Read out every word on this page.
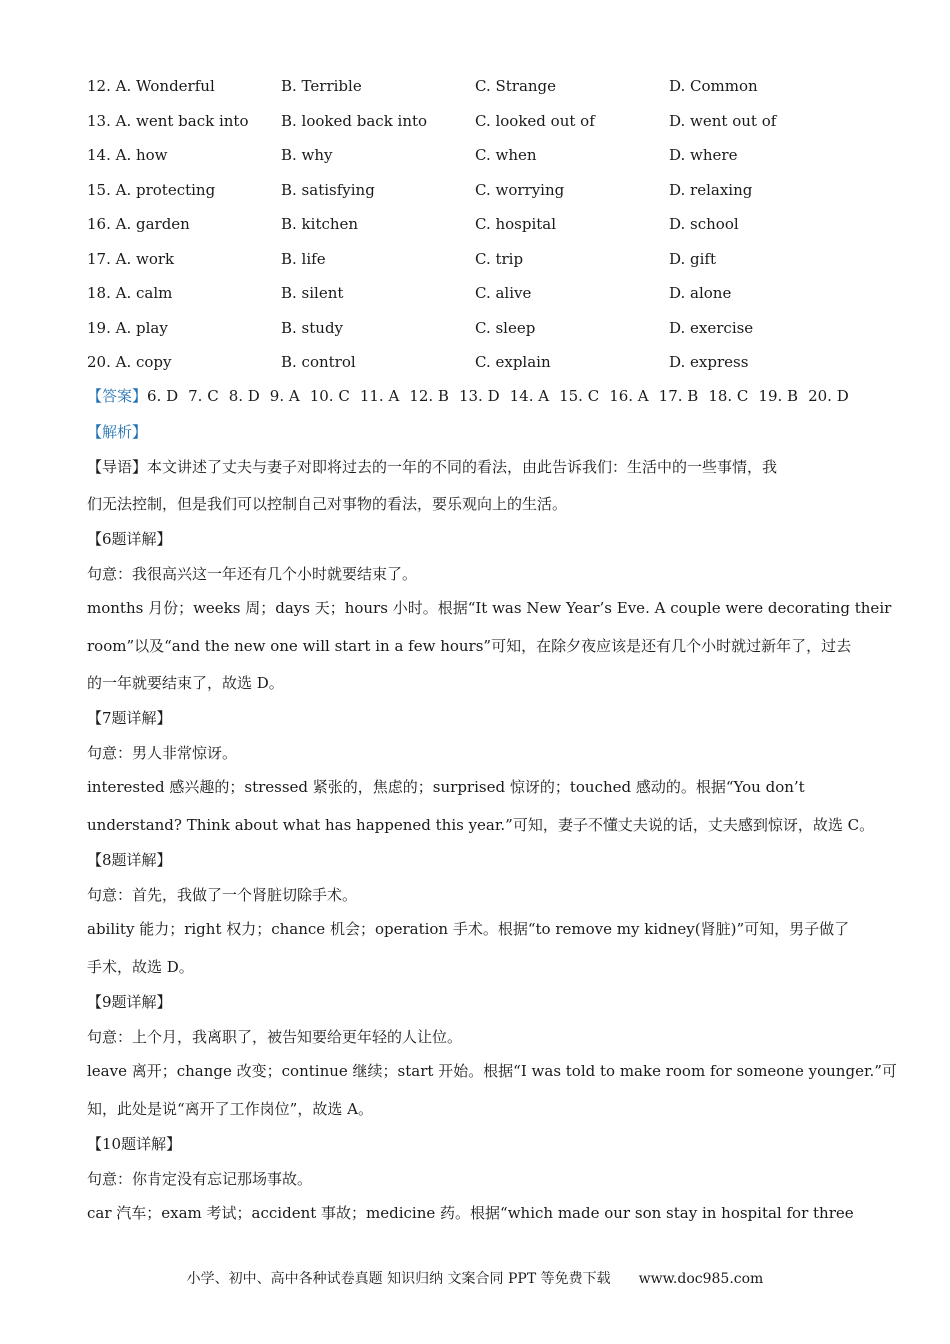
12. A. Wonderful	B. Terrible	C. Strange	D. Common
13. A. went back into B. looked back into	C. looked out of	D. went out of
14. A. how	B. why	C. when	D. where
15. A. protecting	B. satisfying	C. worrying	D. relaxing
16. A. garden	B. kitchen	C. hospital	D. school
17. A. work	B. life	C. trip	D. gift
18. A. calm	B. silent	C. alive	D. alone
19. A. play	B. study	C. sleep	D. exercise
20. A. copy	B. control	C. explain	D. express
【答案】6. D 7. C 8. D 9. A 10. C 11. A 12. B 13. D 14. A 15. C 16. A 17. B 18. C 19. B 20. D
【解析】
【导语】本文讲述了丈夫与妻子对即将过去的一年的不同的看法，由此告诉我们：生活中的一些事情，我
们无法控制，但是我们可以控制自己对事物的看法，要乐观向上的生活。
【6题详解】
句意：我很高兴这一年还有几个小时就要结束了。
months 月份；weeks 周；days 天；hours 小时。根据“It was New Year’s Eve. A couple were decorating their
room”以及“and the new one will start in a few hours”可知，在除夕夜应该是还有几个小时就过新年了，过去
的一年就要结束了，故选 D。
【7题详解】
句意：男人非常惊讶。
interested 感兴趣的；stressed 紧张的，焦虑的；surprised 惊讶的；touched 感动的。根据“You don’t
understand? Think about what has happened this year.”可知，妻子不懂丈夫说的话，丈夫感到惊讶，故选 C。
【8题详解】
句意：首先，我做了一个肾脏切除手术。
ability 能力；right 权力；chance 机会；operation 手术。根据“to remove my kidney(肾脏)”可知，男子做了
手术，故选 D。
【9题详解】
句意：上个月，我离职了，被告知要给更年轻的人让位。
leave 离开；change 改变；continue 继续；start 开始。根据“I was told to make room for someone younger.”可
知，此处是说“离开了工作岗位”，故选 A。
【10题详解】
句意：你肯定没有忘记那场事故。
car 汽车；exam 考试；accident 事故；medicine 药。根据“which made our son stay in hospital for three
小学、初中、高中各种试卷真题 知识归纳 文案合同 PPT 等免费下载 www.doc985.com
